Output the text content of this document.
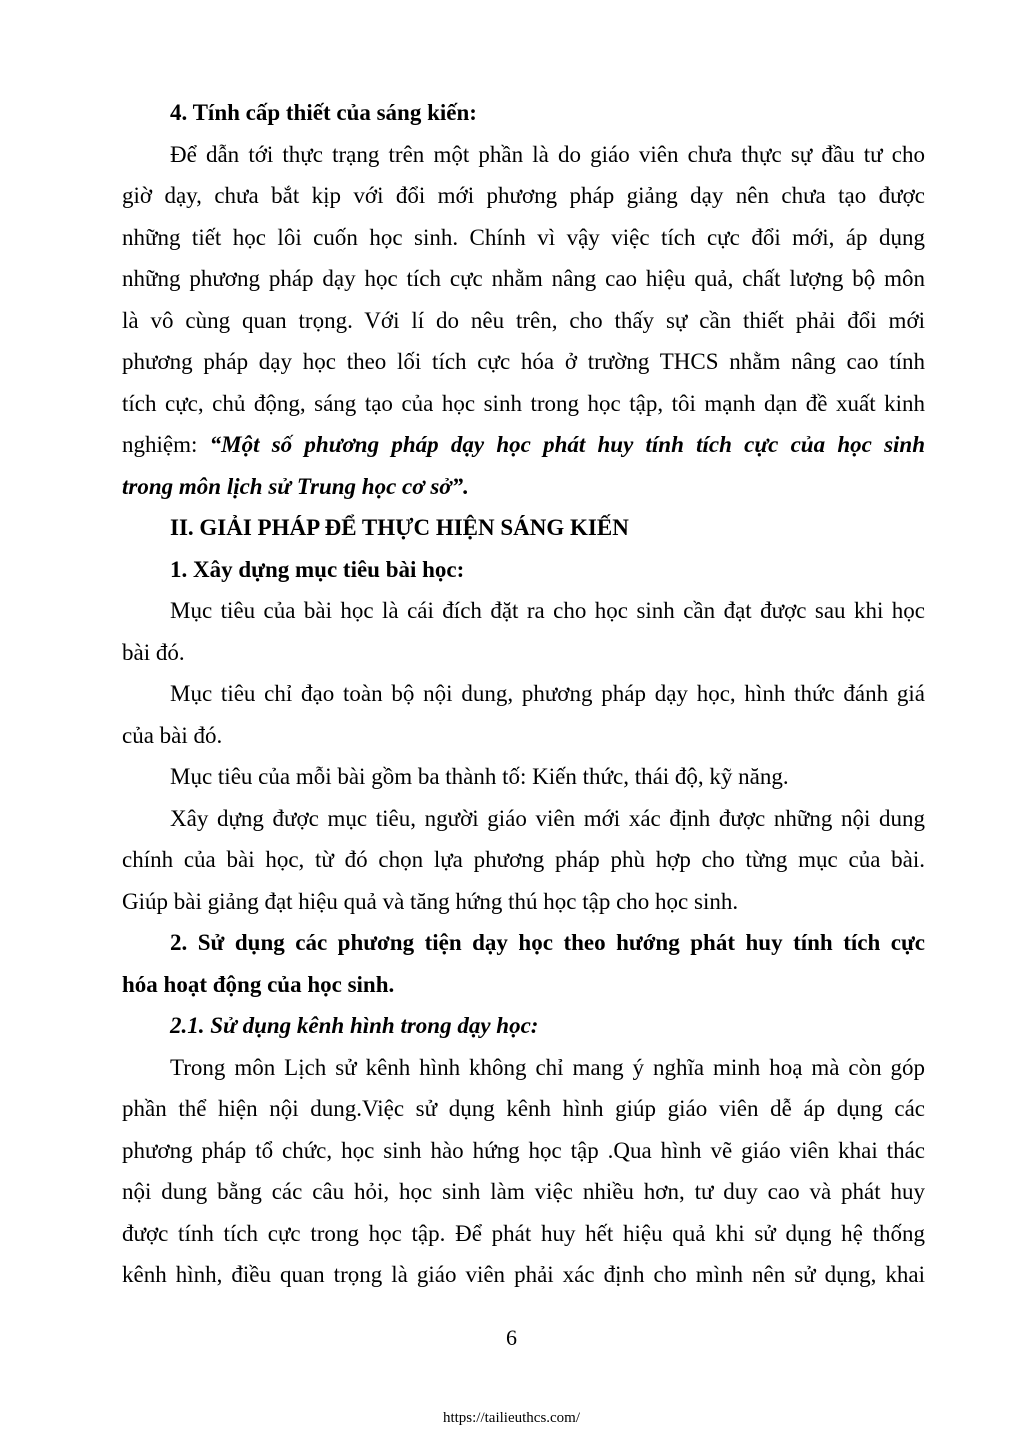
4. Tính cấp thiết của sáng kiến:
Để dẫn tới thực trạng trên một phần là do giáo viên chưa thực sự đầu tư cho
giờ dạy, chưa bắt kịp với đổi mới phương pháp giảng dạy nên chưa tạo được
những tiết học lôi cuốn học sinh. Chính vì vậy việc tích cực đổi mới, áp dụng
những phương pháp dạy học tích cực nhằm nâng cao hiệu quả, chất lượng bộ môn
là vô cùng quan trọng. Với lí do nêu trên, cho thấy sự cần thiết phải đổi mới
phương pháp dạy học theo lối tích cực hóa ở trường THCS nhằm nâng cao tính
tích cực, chủ động, sáng tạo của học sinh trong học tập, tôi mạnh dạn đề xuất kinh
nghiệm: “Một số phương pháp dạy học phát huy tính tích cực của học sinh
trong môn lịch sử Trung học cơ sở”.
II. GIẢI PHÁP ĐỂ THỰC HIỆN SÁNG KIẾN
1. Xây dựng mục tiêu bài học:
Mục tiêu của bài học là cái đích đặt ra cho học sinh cần đạt được sau khi học
bài đó.
Mục tiêu chỉ đạo toàn bộ nội dung, phương pháp dạy học, hình thức đánh giá
của bài đó.
Mục tiêu của mỗi bài gồm ba thành tố: Kiến thức, thái độ, kỹ năng.
Xây dựng được mục tiêu, người giáo viên mới xác định được những nội dung
chính của bài học, từ đó chọn lựa phương pháp phù hợp cho từng mục của bài.
Giúp bài giảng đạt hiệu quả và tăng hứng thú học tập cho học sinh.
2. Sử dụng các phương tiện dạy học theo hướng phát huy tính tích cực
hóa hoạt động của học sinh.
2.1. Sử dụng kênh hình trong dạy học:
Trong môn Lịch sử kênh hình không chỉ mang ý nghĩa minh hoạ mà còn góp
phần thể hiện nội dung.Việc sử dụng kênh hình giúp giáo viên dễ áp dụng các
phương pháp tổ chức, học sinh hào hứng học tập .Qua hình vẽ giáo viên khai thác
nội dung bằng các câu hỏi, học sinh làm việc nhiều hơn, tư duy cao và phát huy
được tính tích cực trong học tập. Để phát huy hết hiệu quả khi sử dụng hệ thống
kênh hình, điều quan trọng là giáo viên phải xác định cho mình nên sử dụng, khai
6
https://tailieuthcs.com/
